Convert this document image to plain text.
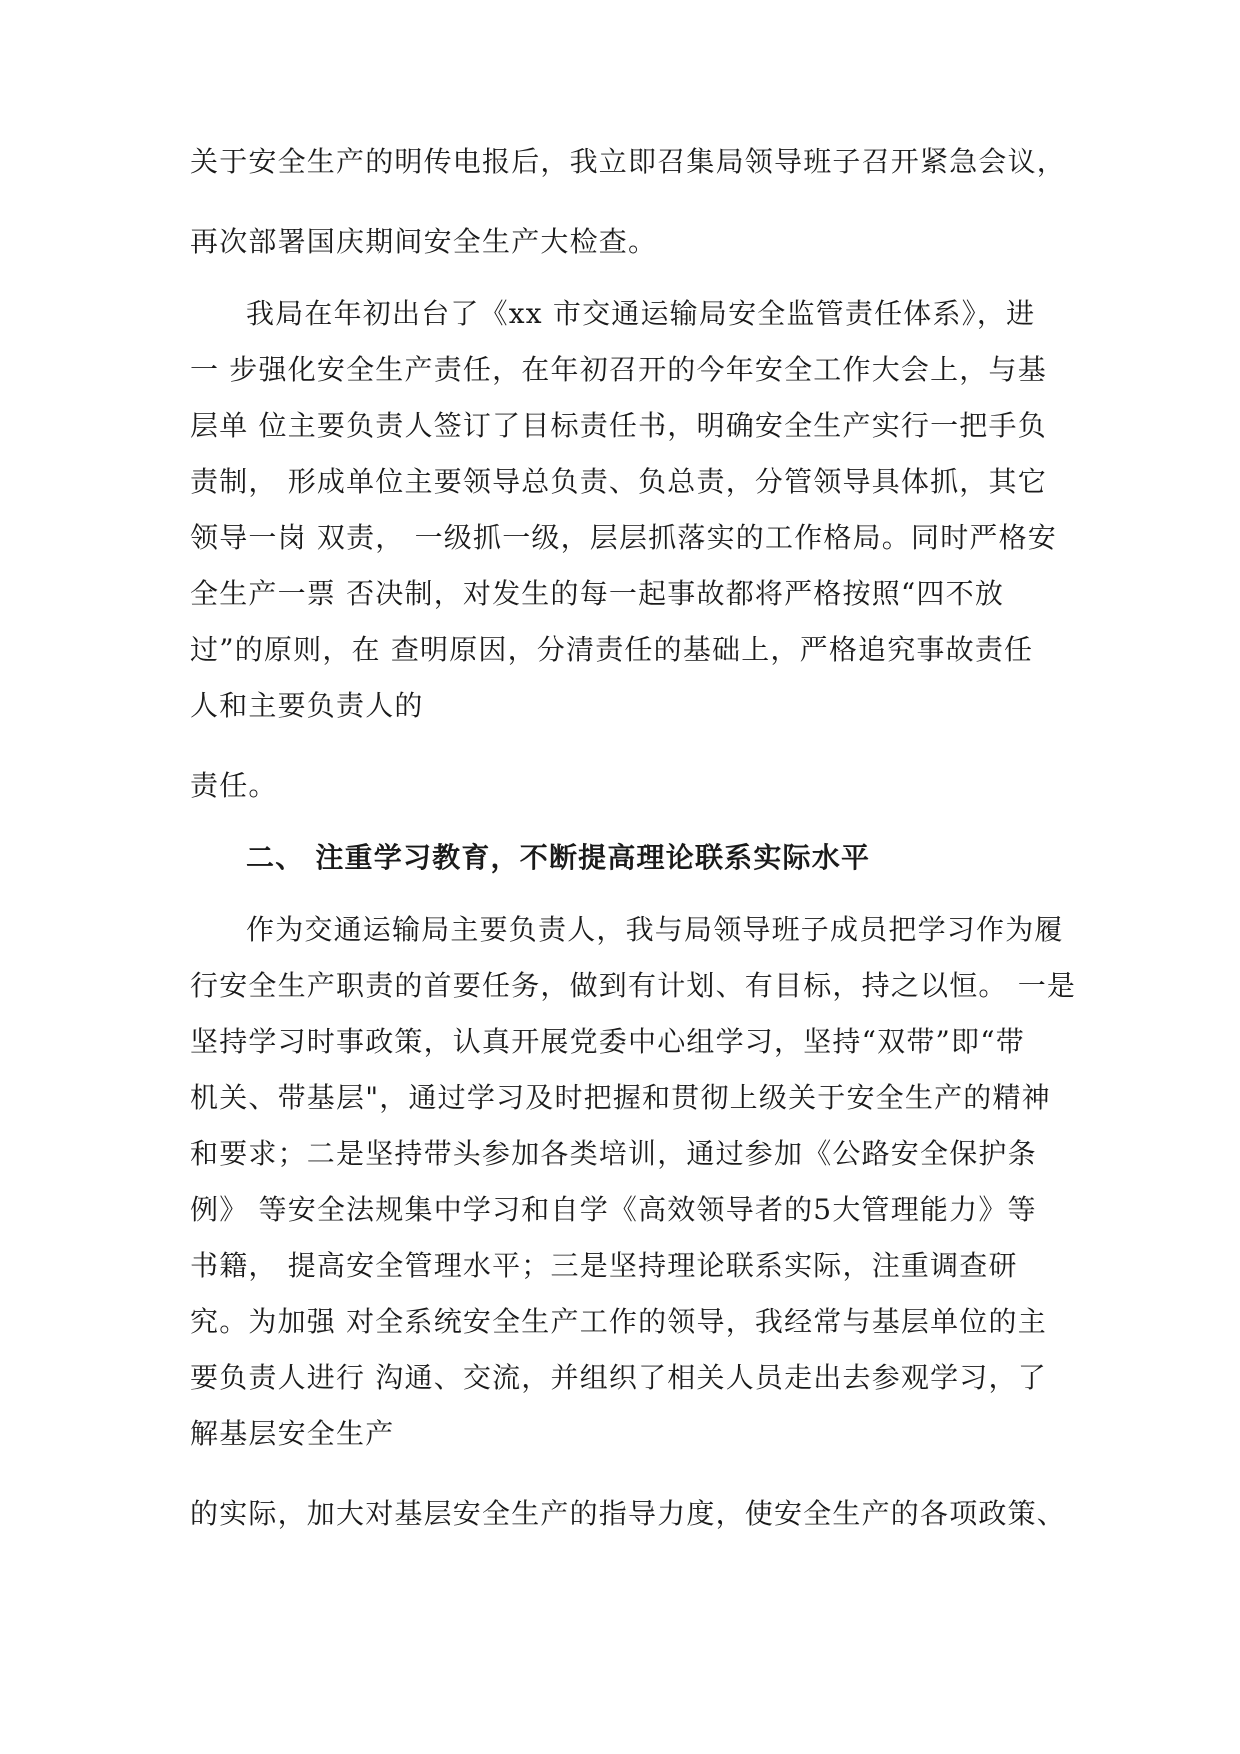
关于安全生产的明传电报后，我立即召集局领导班子召开紧急会议，
再次部署国庆期间安全生产大检查。
我局在年初出台了《xx 市交通运输局安全监管责任体系》，进
一 步强化安全生产责任，在年初召开的今年安全工作大会上，与基
层单 位主要负责人签订了目标责任书，明确安全生产实行一把手负
责制， 形成单位主要领导总负责、负总责，分管领导具体抓，其它
领导一岗 双责， 一级抓一级，层层抓落实的工作格局。同时严格安
全生产一票 否决制，对发生的每一起事故都将严格按照“四不放
过”的原则，在 查明原因，分清责任的基础上，严格追究事故责任
人和主要负责人的
责任。
二、 注重学习教育，不断提高理论联系实际水平
作为交通运输局主要负责人，我与局领导班子成员把学习作为履
行安全生产职责的首要任务，做到有计划、有目标，持之以恒。 一是
坚持学习时事政策，认真开展党委中心组学习，坚持“双带”即“带
机关、带基层"，通过学习及时把握和贯彻上级关于安全生产的精神
和要求；二是坚持带头参加各类培训，通过参加《公路安全保护条
例》 等安全法规集中学习和自学《高效领导者的5大管理能力》等
书籍， 提高安全管理水平；三是坚持理论联系实际，注重调查研
究。为加强 对全系统安全生产工作的领导，我经常与基层单位的主
要负责人进行 沟通、交流，并组织了相关人员走出去参观学习，了
解基层安全生产
的实际，加大对基层安全生产的指导力度，使安全生产的各项政策、
